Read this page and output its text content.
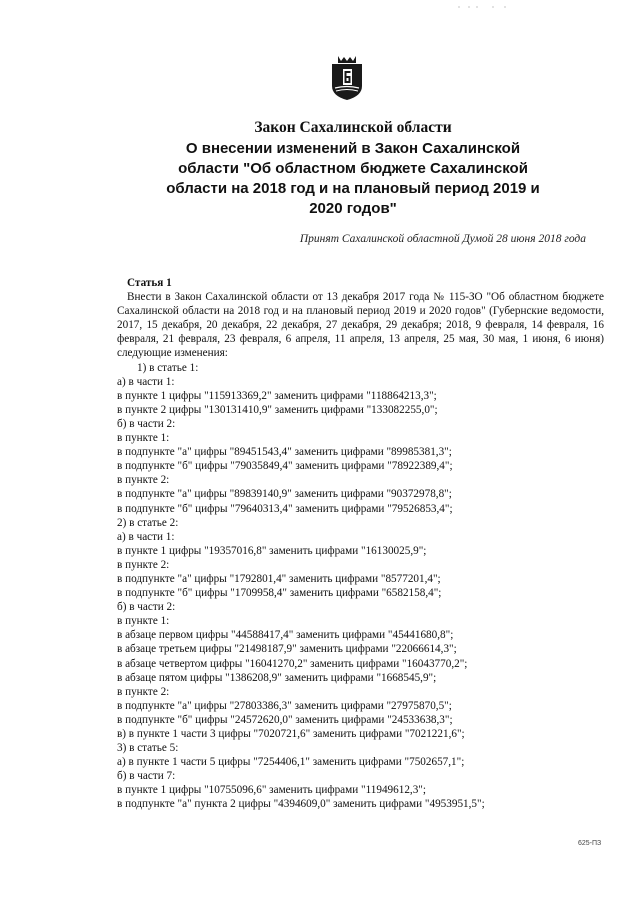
Закон Сахалинской области
О внесении изменений в Закон Сахалинской
области "Об областном бюджете Сахалинской
области на 2018 год и на плановый период 2019 и
2020 годов"
Принят Сахалинской областной Думой 28 июня 2018 года
Статья 1

Внести в Закон Сахалинской области от 13 декабря 2017 года № 115-ЗО "Об областном бюджете Сахалинской области на 2018 год и на плановый период 2019 и 2020 годов" (Губернские ведомости, 2017, 15 декабря, 20 декабря, 22 декабря, 27 декабря, 29 декабря; 2018, 9 февраля, 14 февраля, 16 февраля, 21 февраля, 23 февраля, 6 апреля, 11 апреля, 13 апреля, 25 мая, 30 мая, 1 июня, 6 июня) следующие изменения:

1) в статье 1:
а) в части 1:
в пункте 1 цифры "115913369,2" заменить цифрами "118864213,3";
в пункте 2 цифры "130131410,9" заменить цифрами "133082255,0";
б) в части 2:
в пункте 1:
в подпункте "а" цифры "89451543,4" заменить цифрами "89985381,3";
в подпункте "б" цифры "79035849,4" заменить цифрами "78922389,4";
в пункте 2:
в подпункте "а" цифры "89839140,9" заменить цифрами "90372978,8";
в подпункте "б" цифры "79640313,4" заменить цифрами "79526853,4";
2) в статье 2:
а) в части 1:
в пункте 1 цифры "19357016,8" заменить цифрами "16130025,9";
в пункте 2:
в подпункте "а" цифры "1792801,4" заменить цифрами "8577201,4";
в подпункте "б" цифры "1709958,4" заменить цифрами "6582158,4";
б) в части 2:
в пункте 1:
в абзаце первом цифры "44588417,4" заменить цифрами "45441680,8";
в абзаце третьем цифры "21498187,9" заменить цифрами "22066614,3";
в абзаце четвертом цифры "16041270,2" заменить цифрами "16043770,2";
в абзаце пятом цифры "1386208,9" заменить цифрами "1668545,9";
в пункте 2:
в подпункте "а" цифры "27803386,3" заменить цифрами "27975870,5";
в подпункте "б" цифры "24572620,0" заменить цифрами "24533638,3";
в) в пункте 1 части 3 цифры "7020721,6" заменить цифрами "7021221,6";
3) в статье 5:
а) в пункте 1 части 5 цифры "7254406,1" заменить цифрами "7502657,1";
б) в части 7:
в пункте 1 цифры "10755096,6" заменить цифрами "11949612,3";
в подпункте "а" пункта 2 цифры "4394609,0" заменить цифрами "4953951,5";
625-ПЗ
